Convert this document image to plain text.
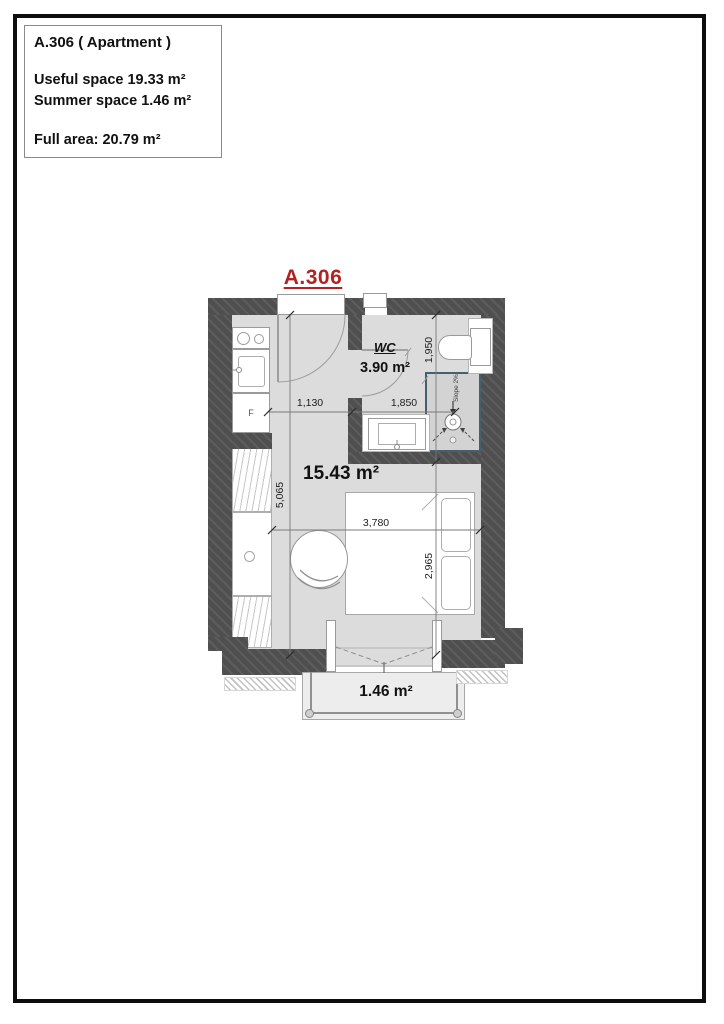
A.306 ( Apartment )
Useful space 19.33 m²
Summer space 1.46 m²
Full area: 20.79 m²
A.306
F
15.43 m²
WC
3.90 m²
1.46 m²
Slope 2%
1,130	1,850
1,950
2,965
5,065
3,780
